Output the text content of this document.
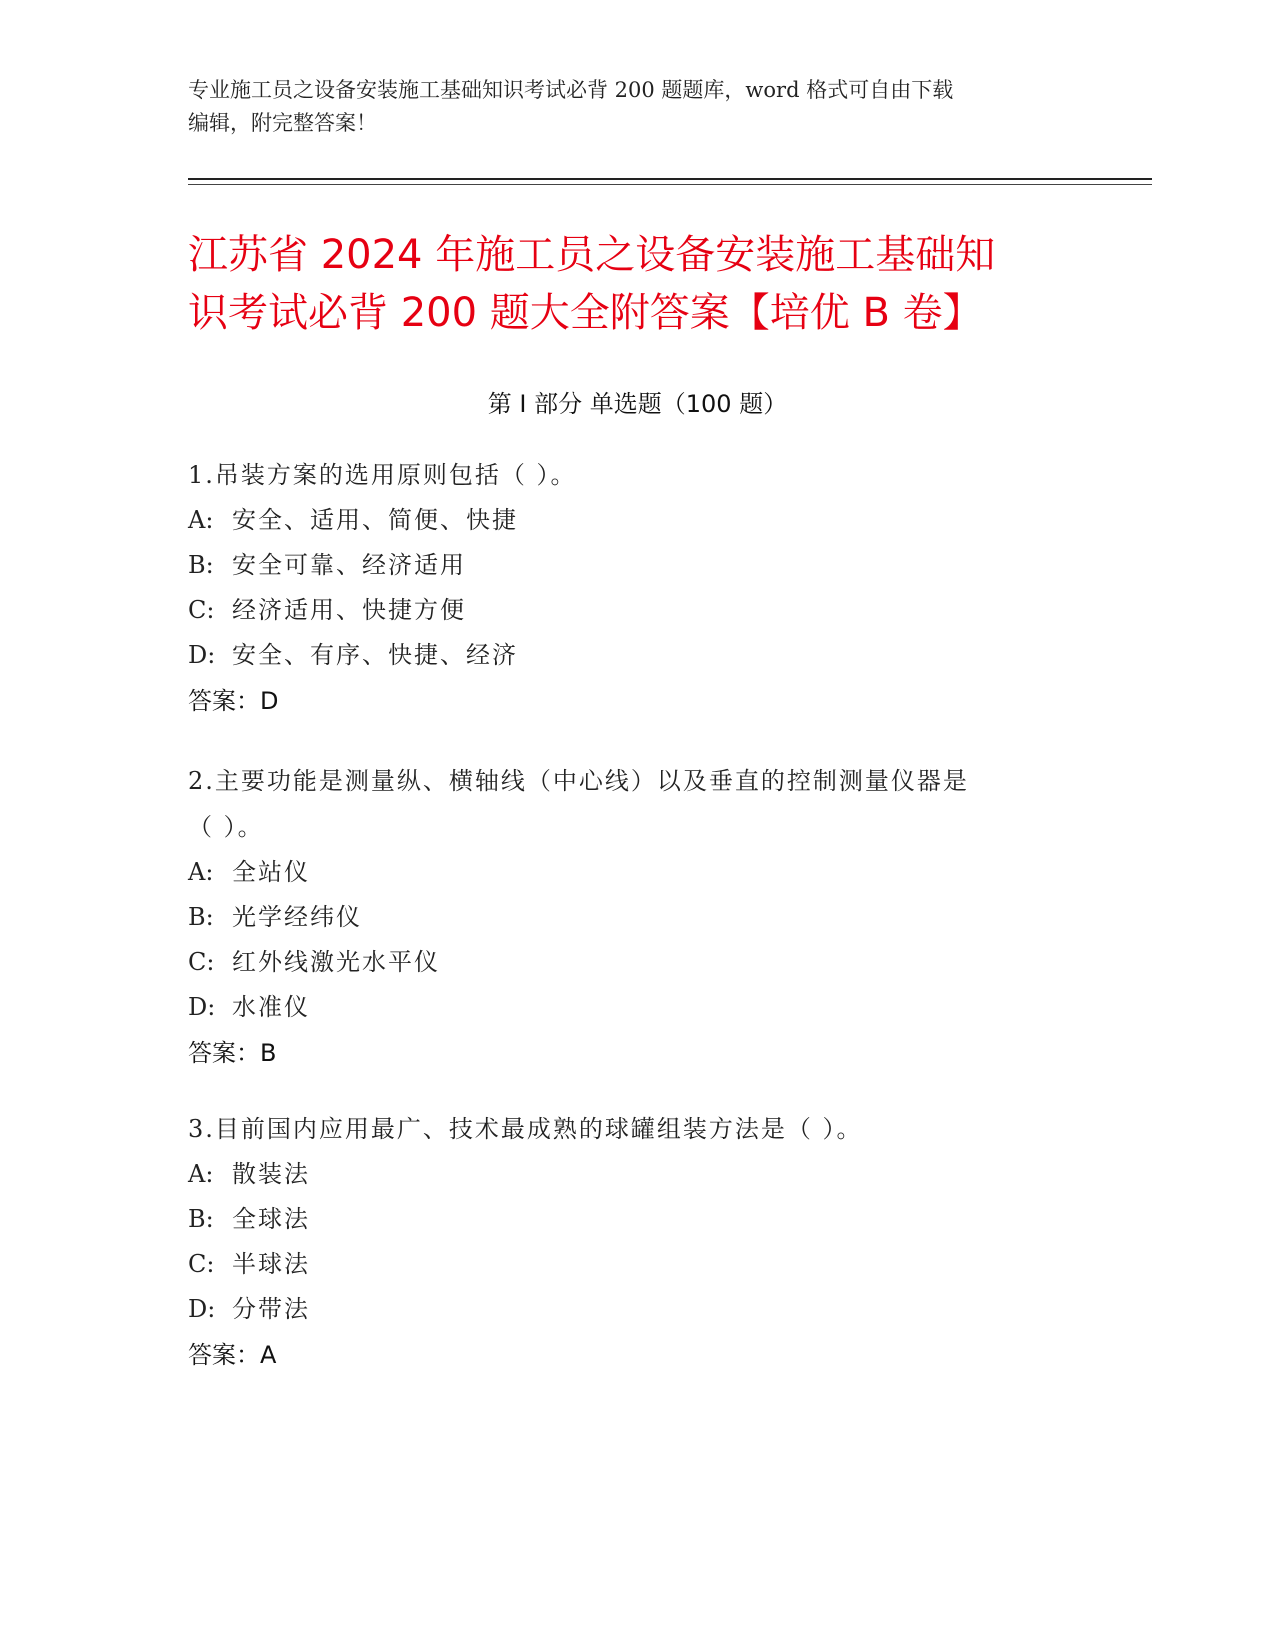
专业施工员之设备安装施工基础知识考试必背 200 题题库，word 格式可自由下载
编辑，附完整答案！
江苏省 2024 年施工员之设备安装施工基础知
识考试必背 200 题大全附答案【培优 B 卷】
第 I 部分 单选题（100 题）
1.吊装方案的选用原则包括（ ）。
A: 安全、适用、简便、快捷
B: 安全可靠、经济适用
C: 经济适用、快捷方便
D: 安全、有序、快捷、经济
答案：D
2.主要功能是测量纵、横轴线（中心线）以及垂直的控制测量仪器是
（ ）。
A: 全站仪
B: 光学经纬仪
C: 红外线激光水平仪
D: 水准仪
答案：B
3.目前国内应用最广、技术最成熟的球罐组装方法是（ ）。
A: 散装法
B: 全球法
C: 半球法
D: 分带法
答案：A
